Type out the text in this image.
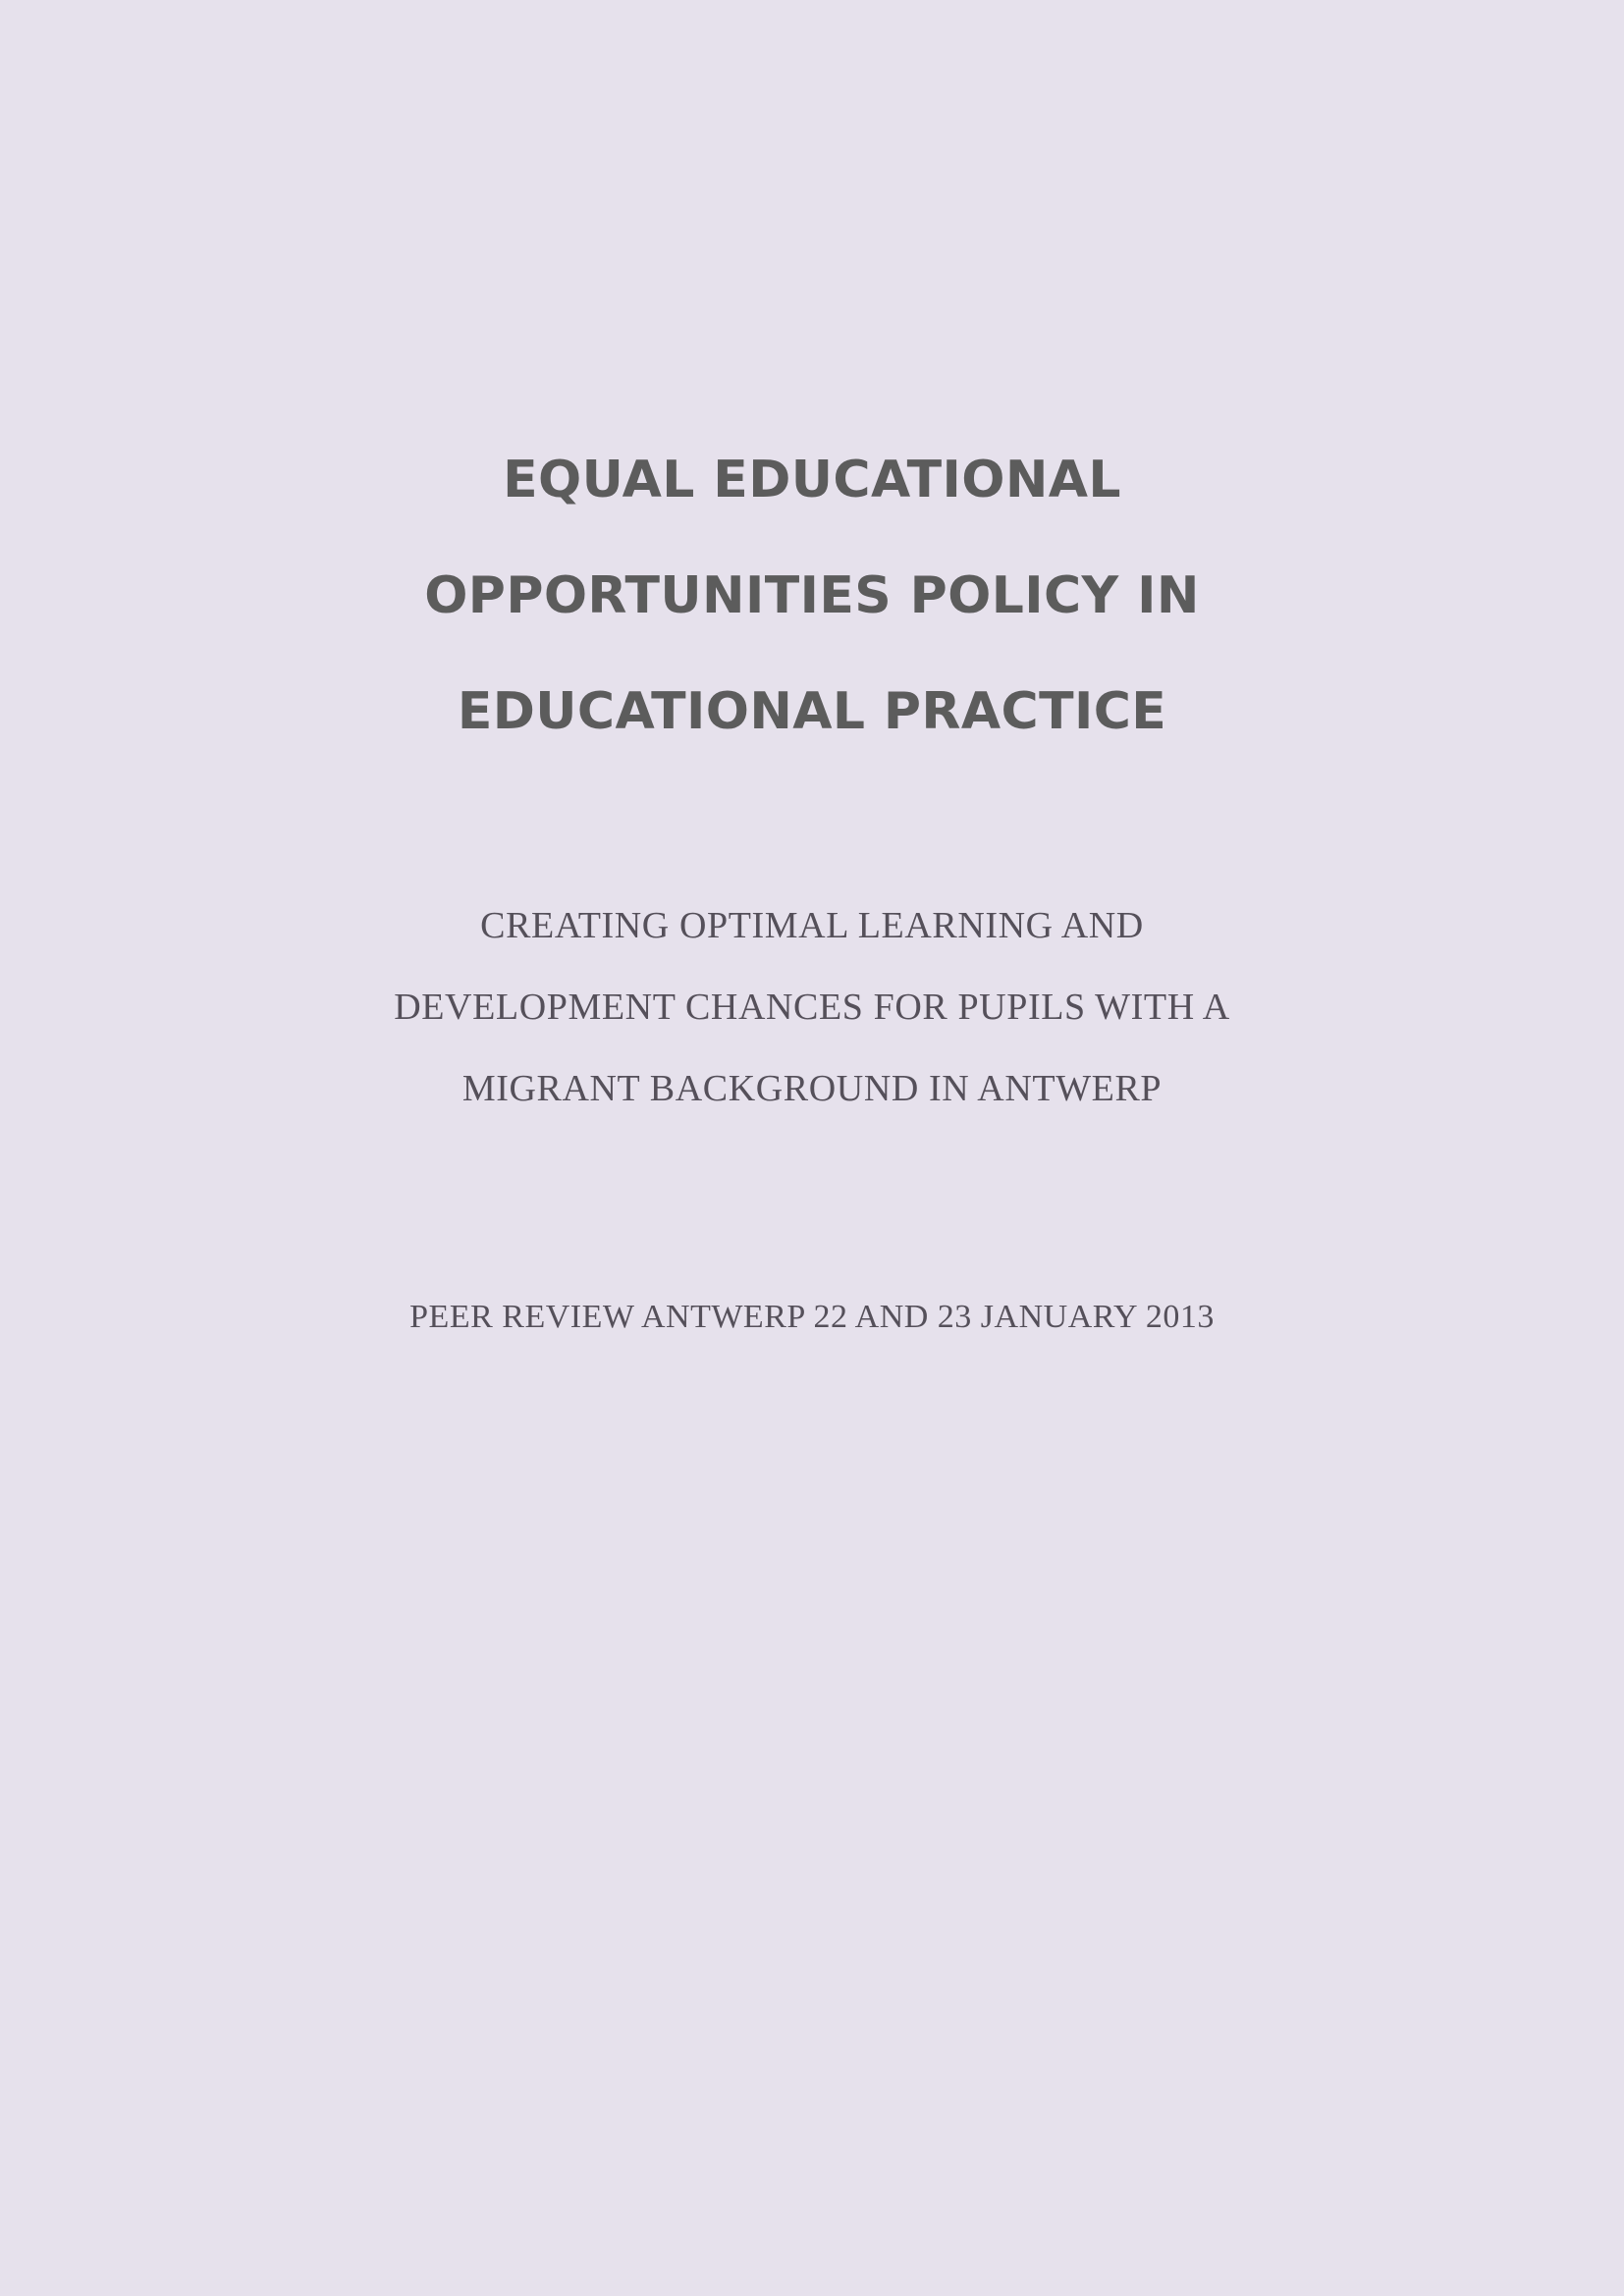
EQUAL EDUCATIONAL
OPPORTUNITIES POLICY IN
EDUCATIONAL PRACTICE
CREATING OPTIMAL LEARNING AND
DEVELOPMENT CHANCES FOR PUPILS WITH A
MIGRANT BACKGROUND IN ANTWERP
PEER REVIEW ANTWERP 22 AND 23 JANUARY 2013
